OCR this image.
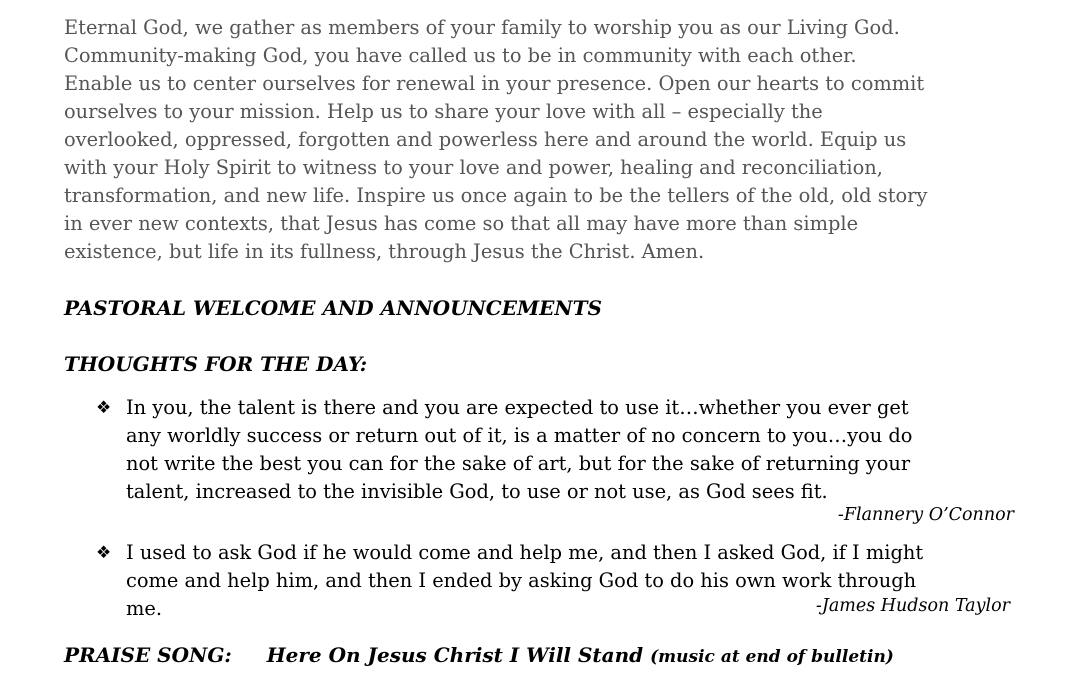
Eternal God, we gather as members of your family to worship you as our Living God.
Community-making God, you have called us to be in community with each other.
Enable us to center ourselves for renewal in your presence. Open our hearts to commit
ourselves to your mission. Help us to share your love with all – especially the
overlooked, oppressed, forgotten and powerless here and around the world. Equip us
with your Holy Spirit to witness to your love and power, healing and reconciliation,
transformation, and new life. Inspire us once again to be the tellers of the old, old story
in ever new contexts, that Jesus has come so that all may have more than simple
existence, but life in its fullness, through Jesus the Christ. Amen.
PASTORAL WELCOME AND ANNOUNCEMENTS
THOUGHTS FOR THE DAY:
❖ In you, the talent is there and you are expected to use it…whether you ever get
any worldly success or return out of it, is a matter of no concern to you…you do
not write the best you can for the sake of art, but for the sake of returning your
talent, increased to the invisible God, to use or not use, as God sees fit.
-Flannery O’Connor
❖ I used to ask God if he would come and help me, and then I asked God, if I might
come and help him, and then I ended by asking God to do his own work through
me.	-James Hudson Taylor
PRAISE SONG: Here On Jesus Christ I Will Stand (music at end of bulletin)
